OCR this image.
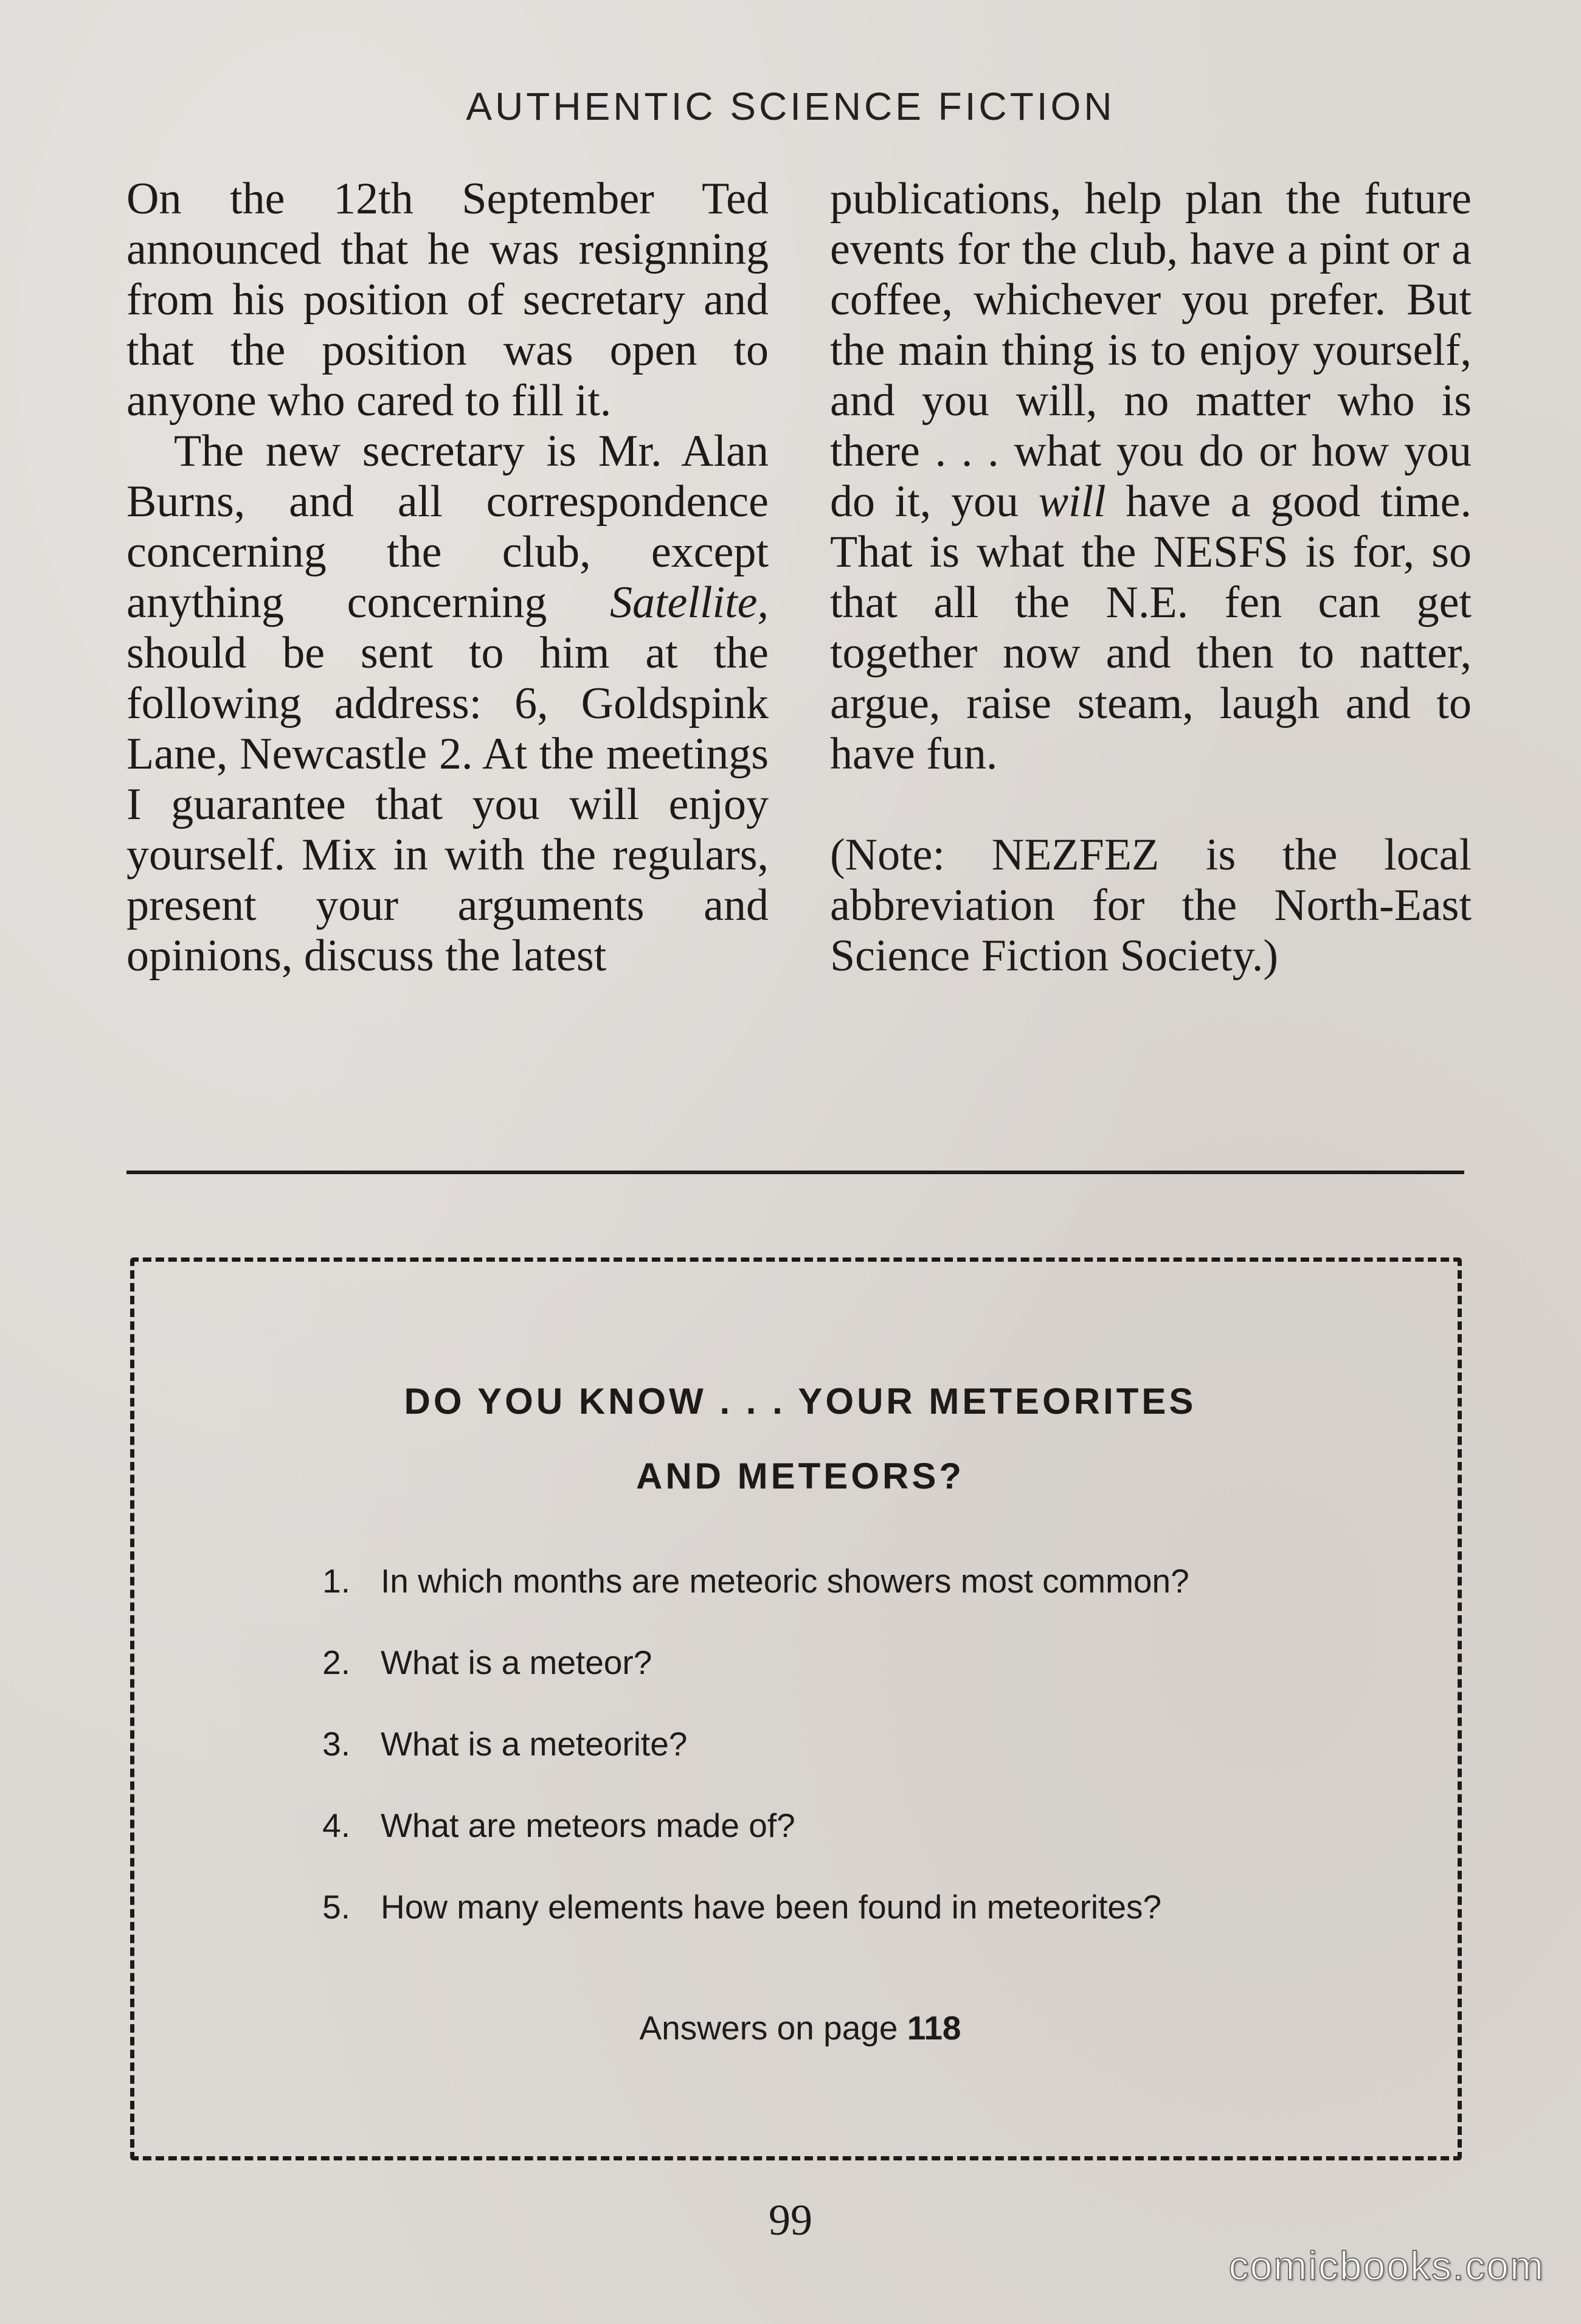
AUTHENTIC SCIENCE FICTION

On the 12th September Ted announced that he was resignning from his position of secretary and that the position was open to anyone who cared to fill it.

The new secretary is Mr. Alan Burns, and all correspondence concerning the club, except anything concerning Satellite, should be sent to him at the following address: 6, Goldspink Lane, Newcastle 2. At the meetings I guarantee that you will enjoy yourself. Mix in with the regulars, present your arguments and opinions, discuss the latest

publications, help plan the future events for the club, have a pint or a coffee, whichever you prefer. But the main thing is to enjoy yourself, and you will, no matter who is there . . . what you do or how you do it, you will have a good time. That is what the NESFS is for, so that all the N.E. fen can get together now and then to natter, argue, raise steam, laugh and to have fun.

(Note: NEZFEZ is the local abbreviation for the North-East Science Fiction Society.)

DO YOU KNOW . . . YOUR METEORITES
AND METEORS?
1. In which months are meteoric showers most common?
2. What is a meteor?
3. What is a meteorite?
4. What are meteors made of?
5. How many elements have been found in meteorites?
Answers on page 118
99
comicbooks.com
